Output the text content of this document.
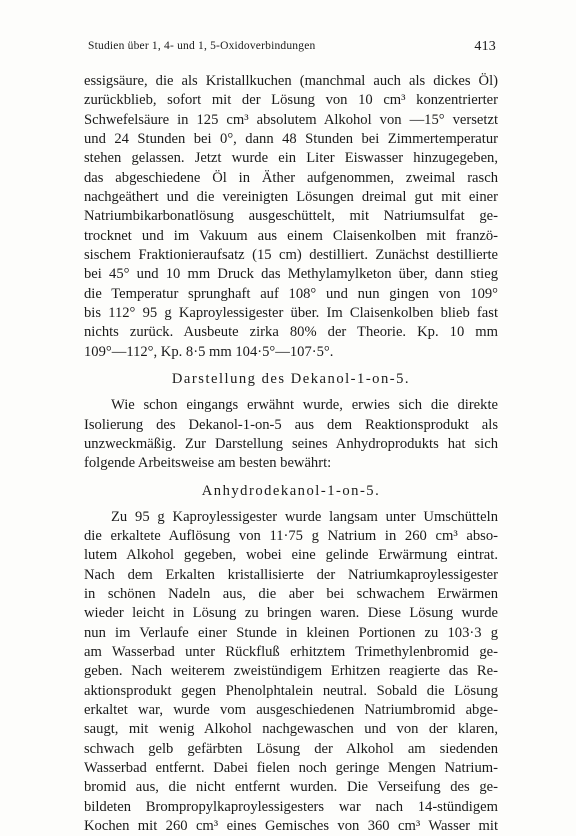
Studien über 1, 4- und 1, 5-Oxidoverbindungen	413
essigsäure, die als Kristallkuchen (manchmal auch als dickes Öl)
zurückblieb, sofort mit der Lösung von 10 cm³ konzentrierter
Schwefelsäure in 125 cm³ absolutem Alkohol von —15° versetzt
und 24 Stunden bei 0°, dann 48 Stunden bei Zimmertemperatur
stehen gelassen. Jetzt wurde ein Liter Eiswasser hinzugegeben,
das abgeschiedene Öl in Äther aufgenommen, zweimal rasch
nachgeäthert und die vereinigten Lösungen dreimal gut mit einer
Natriumbikarbonatlösung ausgeschüttelt, mit Natriumsulfat ge-
trocknet und im Vakuum aus einem Claisenkolben mit franzö-
sischem Fraktionieraufsatz (15 cm) destilliert. Zunächst destillierte
bei 45° und 10 mm Druck das Methylamylketon über, dann stieg
die Temperatur sprunghaft auf 108° und nun gingen von 109°
bis 112° 95 g Kaproylessigester über. Im Claisenkolben blieb fast
nichts zurück. Ausbeute zirka 80% der Theorie. Kp. 10 mm
109°—112°, Kp. 8·5 mm 104·5°—107·5°.
Darstellung des Dekanol-1-on-5.
Wie schon eingangs erwähnt wurde, erwies sich die direkte
Isolierung des Dekanol-1-on-5 aus dem Reaktionsprodukt als
unzweckmäßig. Zur Darstellung seines Anhydroprodukts hat sich
folgende Arbeitsweise am besten bewährt:
Anhydrodekanol-1-on-5.
Zu 95 g Kaproylessigester wurde langsam unter Umschütteln
die erkaltete Auflösung von 11·75 g Natrium in 260 cm³ abso-
lutem Alkohol gegeben, wobei eine gelinde Erwärmung eintrat.
Nach dem Erkalten kristallisierte der Natriumkaproylessigester
in schönen Nadeln aus, die aber bei schwachem Erwärmen
wieder leicht in Lösung zu bringen waren. Diese Lösung wurde
nun im Verlaufe einer Stunde in kleinen Portionen zu 103·3 g
am Wasserbad unter Rückfluß erhitztem Trimethylenbromid ge-
geben. Nach weiterem zweistündigem Erhitzen reagierte das Re-
aktionsprodukt gegen Phenolphtalein neutral. Sobald die Lösung
erkaltet war, wurde vom ausgeschiedenen Natriumbromid abge-
saugt, mit wenig Alkohol nachgewaschen und von der klaren,
schwach gelb gefärbten Lösung der Alkohol am siedenden
Wasserbad entfernt. Dabei fielen noch geringe Mengen Natrium-
bromid aus, die nicht entfernt wurden. Die Verseifung des ge-
bildeten Brompropylkaproylessigesters war nach 14-stündigem
Kochen mit 260 cm³ eines Gemisches von 360 cm³ Wasser mit
